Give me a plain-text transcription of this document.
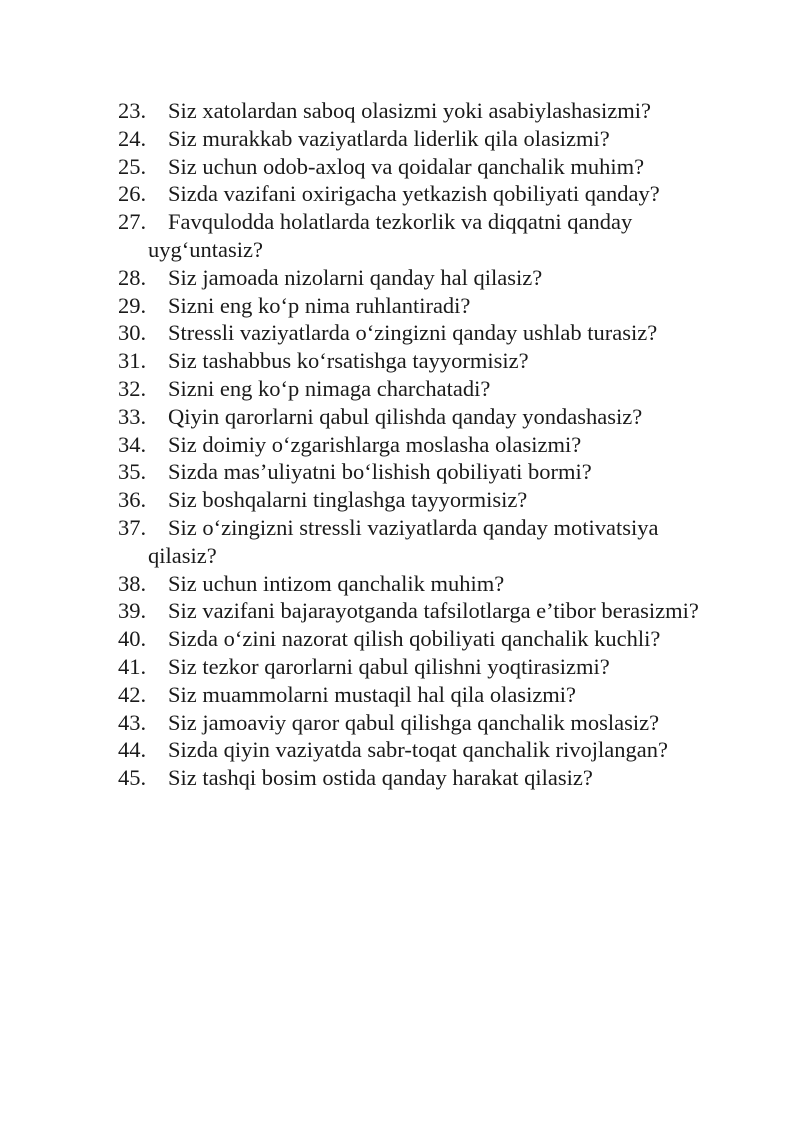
23. Siz xatolardan saboq olasizmi yoki asabiylashasizmi?
24. Siz murakkab vaziyatlarda liderlik qila olasizmi?
25. Siz uchun odob-axloq va qoidalar qanchalik muhim?
26. Sizda vazifani oxirigacha yetkazish qobiliyati qanday?
27. Favqulodda holatlarda tezkorlik va diqqatni qanday uyg‘untasiz?
28. Siz jamoada nizolarni qanday hal qilasiz?
29. Sizni eng ko‘p nima ruhlantiradi?
30. Stressli vaziyatlarda o‘zingizni qanday ushlab turasiz?
31. Siz tashabbus ko‘rsatishga tayyormisiz?
32. Sizni eng ko‘p nimaga charchatadi?
33. Qiyin qarorlarni qabul qilishda qanday yondashasiz?
34. Siz doimiy o‘zgarishlarga moslasha olasizmi?
35. Sizda mas’uliyatni bo‘lishish qobiliyati bormi?
36. Siz boshqalarni tinglashga tayyormisiz?
37. Siz o‘zingizni stressli vaziyatlarda qanday motivatsiya qilasiz?
38. Siz uchun intizom qanchalik muhim?
39. Siz vazifani bajarayotganda tafsilotlarga e’tibor berasizmi?
40. Sizda o‘zini nazorat qilish qobiliyati qanchalik kuchli?
41. Siz tezkor qarorlarni qabul qilishni yoqtirasizmi?
42. Siz muammolarni mustaqil hal qila olasizmi?
43. Siz jamoaviy qaror qabul qilishga qanchalik moslasiz?
44. Sizda qiyin vaziyatda sabr-toqat qanchalik rivojlangan?
45. Siz tashqi bosim ostida qanday harakat qilasiz?
